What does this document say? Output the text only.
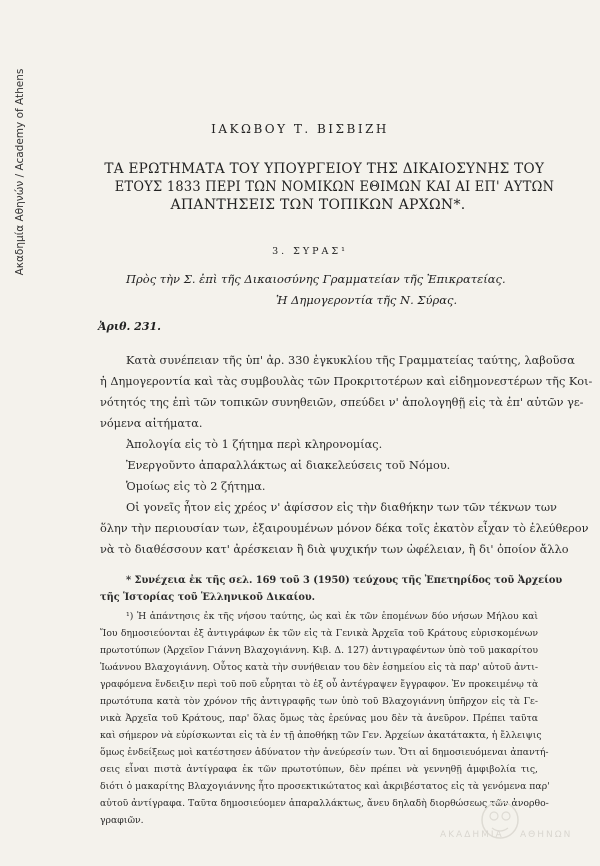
Ακαδημία Αθηνών / Academy of Athens	ΙΑΚΩΒΟΥ Τ. ΒΙΣΒΙΖΗ
ΤΑ ΕΡΩΤΗΜΑΤΑ ΤΟΥ ΥΠΟΥΡΓΕΙΟΥ ΤΗΣ ΔΙΚΑΙΟΣΥΝΗΣ ΤΟΥ
ΕΤΟΥΣ 1833 ΠΕΡΙ ΤΩΝ ΝΟΜΙΚΩΝ ΕΘΙΜΩΝ ΚΑΙ ΑΙ ΕΠ' ΑΥΤΩΝ
ΑΠΑΝΤΗΣΕΙΣ ΤΩΝ ΤΟΠΙΚΩΝ ΑΡΧΩΝ*.
3. ΣΥΡΑΣ¹
Πρὸς τὴν Σ. ἐπὶ τῆς Δικαιοσύνης Γραμματείαν τῆς Ἐπικρατείας.
Ἡ Δημογεροντία τῆς Ν. Σύρας.
Ἀριθ. 231.
Κατὰ συνέπειαν τῆς ὑπ' ἀρ. 330 ἐγκυκλίου τῆς Γραμματείας ταύτης, λαβοῦσα
ἡ Δημογεροντία καὶ τὰς συμβουλὰς τῶν Προκριτοτέρων καὶ εἰδημονεστέρων τῆς Κοι-
νότητός της ἐπὶ τῶν τοπικῶν συνηθειῶν, σπεύδει ν' ἀπολογηθῇ εἰς τὰ ἐπ' αὐτῶν γε-
νόμενα αἰτήματα.
Ἀπολογία εἰς τὸ 1 ζήτημα περὶ κληρονομίας.
Ἐνεργοῦντο ἀπαραλλάκτως αἱ διακελεύσεις τοῦ Νόμου.
Ὁμοίως εἰς τὸ 2 ζήτημα.
Οἱ γονεῖς ἦτον εἰς χρέος ν' ἀφίσσον εἰς τὴν διαθήκην των τῶν τέκνων των
ὅλην τὴν περιουσίαν των, ἐξαιρουμένων μόνον δέκα τοῖς ἑκατὸν εἶχαν τὸ ἐλεύθερον
νὰ τὸ διαθέσσουν κατ' ἀρέσκειαν ἢ διὰ ψυχικήν των ὠφέλειαν, ἢ δι' ὁποίον ἄλλο
* Συνέχεια ἐκ τῆς σελ. 169 τοῦ 3 (1950) τεύχους τῆς Ἐπετηρίδος τοῦ Ἀρχείου
τῆς Ἱστορίας τοῦ Ἑλληνικοῦ Δικαίου.
¹) Ἡ ἀπάντησις ἐκ τῆς νήσου ταύτης, ὡς καὶ ἐκ τῶν ἑπομένων δύο νήσων Μήλου καὶ
Ἴου δημοσιεύονται ἐξ ἀντιγράφων ἐκ τῶν εἰς τὰ Γενικὰ Ἀρχεῖα τοῦ Κράτους εὑρισκομένων
πρωτοτύπων (Ἀρχεῖον Γιάννη Βλαχογιάννη. Κιβ. Δ. 127) ἀντιγραφέντων ὑπὸ τοῦ μακαρίτου
Ἰωάννου Βλαχογιάννη. Οὗτος κατὰ τὴν συνήθειαν του δὲν ἐσημείου εἰς τὰ παρ' αὐτοῦ ἀντι-
γραφόμενα ἔνδειξιν περὶ τοῦ ποῦ εὗρηται τὸ ἐξ οὗ ἀντέγραψεν ἔγγραφον. Ἐν προκειμένῳ τὰ
πρωτότυπα κατὰ τὸν χρόνον τῆς ἀντιγραφῆς των ὑπὸ τοῦ Βλαχογιάννη ὑπῆρχον εἰς τὰ Γε-
νικὰ Ἀρχεῖα τοῦ Κράτους, παρ' ὅλας ὅμως τὰς ἐρεύνας μου δὲν τὰ ἀνεῦρον. Πρέπει ταῦτα
καὶ σήμερον νὰ εὑρίσκωνται εἰς τὰ ἐν τῇ ἀποθήκῃ τῶν Γεν. Ἀρχείων ἀκατάτακτα, ἡ ἔλλειψις
ὅμως ἐνδείξεως μοὶ κατέστησεν ἀδύνατον τὴν ἀνεύρεσίν των. Ὅτι αἱ δημοσιευόμεναι ἀπαντή-
σεις εἶναι πιστὰ ἀντίγραφα ἐκ τῶν πρωτοτύπων, δὲν πρέπει νὰ γεννηθῇ ἀμφιβολία τις,
διότι ὁ μακαρίτης Βλαχογιάννης ἦτο προσεκτικώτατος καὶ ἀκριβέστατος εἰς τὰ γενόμενα παρ'
αὐτοῦ ἀντίγραφα. Ταῦτα δημοσιεύομεν ἀπαραλλάκτως, ἄνευ δηλαδὴ διορθώσεως τῶν ἀνορθο-
γραφιῶν.
ΑΚΑΔΗΜΙΑ ΑΘΗΝΩΝ
